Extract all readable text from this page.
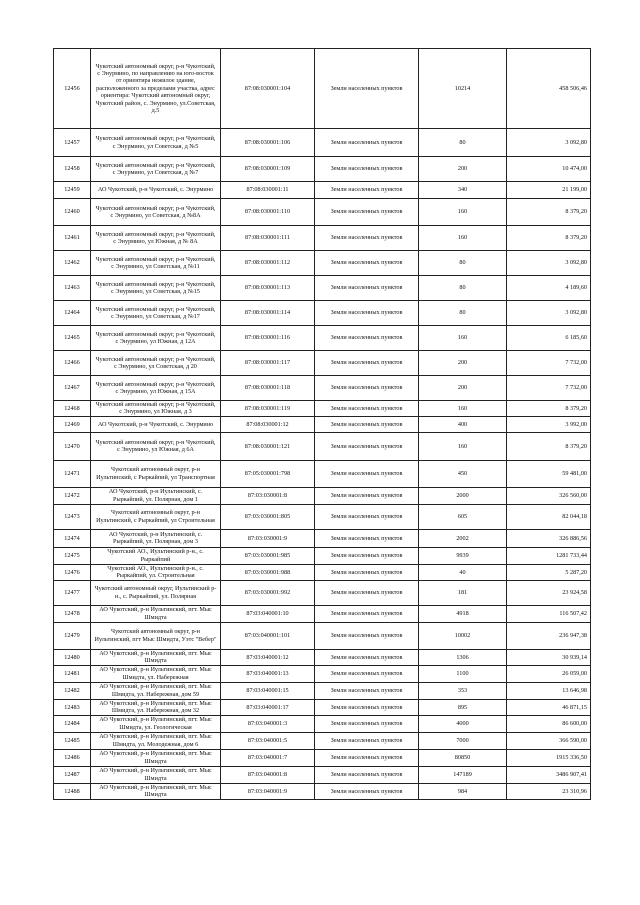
12456	Чукотский автономный округ, р-н Чукотский, с Энурмино, по направлению на юго-восток от ориентира нежилое здание, расположенного за пределами участка, адрес ориентира: Чукотский автономный округ, Чукотский район, с. Энурмино, ул.Советская, д.5	87:08:030001:104	Земли населенных пунктов	10214	458 506,46
12457	Чукотский автономный округ, р-н Чукотский, с Энурмино, ул Советская, д №5	87:08:030001:106	Земли населенных пунктов	80	3 092,80
12458	Чукотский автономный округ, р-н Чукотский, с Энурмино, ул Советская, д №7	87:08:030001:109	Земли населенных пунктов	200	10 474,00
12459	АО Чукотский, р-н Чукотский, с. Энурмино	87:08:030001:11	Земли населенных пунктов	340	21 199,00
12460	Чукотский автономный округ, р-н Чукотский, с Энурмино, ул Советская, д №8А	87:08:030001:110	Земли населенных пунктов	160	8 379,20
12461	Чукотский автономный округ, р-н Чукотский, с Энурмино, ул Южная, д № 8А	87:08:030001:111	Земли населенных пунктов	160	8 379,20
12462	Чукотский автономный округ, р-н Чукотский, с Энурмино, ул Советская, д №11	87:08:030001:112	Земли населенных пунктов	80	3 092,80
12463	Чукотский автономный округ, р-н Чукотский, с Энурмино, ул Советская, д №15	87:08:030001:113	Земли населенных пунктов	80	4 189,60
12464	Чукотский автономный округ, р-н Чукотский, с Энурмино, ул Советская, д №17	87:08:030001:114	Земли населенных пунктов	80	3 092,80
12465	Чукотский автономный округ, р-н Чукотский, с Энурмино, ул Южная, д 12А	87:08:030001:116	Земли населенных пунктов	160	6 185,60
12466	Чукотский автономный округ, р-н Чукотский, с Энурмино, ул Советская, д 20	87:08:030001:117	Земли населенных пунктов	200	7 732,00
12467	Чукотский автономный округ, р-н Чукотский, с Энурмино, ул Южная, д 15А	87:08:030001:118	Земли населенных пунктов	200	7 732,00
12468	Чукотский автономный округ, р-н Чукотский, с Энурмино, ул Южная, д 3	87:08:030001:119	Земли населенных пунктов	160	8 379,20
12469	АО Чукотский, р-н Чукотский, с. Энурмино	87:08:030001:12	Земли населенных пунктов	400	3 992,00
12470	Чукотский автономный округ, р-н Чукотский, с Энурмино, ул Южная, д 6А	87:08:030001:121	Земли населенных пунктов	160	8 379,20
12471	Чукотский автономный округ, р-н Иультинский, с Рыркайпий, ул Транспортная	87:05:030001:798	Земли населенных пунктов	450	59 481,00
12472	АО Чукотский, р-н Иультинский, с. Рыркайпий, ул. Полярная, дом 1	87:03:030001:8	Земли населенных пунктов	2000	326 560,00
12473	Чукотский автономный округ, р-н Иультинский, с Рыркайпий, ул Строительная	87:03:030001:805	Земли населенных пунктов	605	82 044,18
12474	АО Чукотский, р-н Иультинский, с. Рыркайпий, ул. Полярная, дом 3	87:03:030001:9	Земли населенных пунктов	2002	326 886,56
12475	Чукотский АО., Иультинский р-н., с. Рыркайпий	87:03:030001:985	Земли населенных пунктов	9939	1281 733,44
12476	Чукотский АО., Иультинский р-н., с. Рыркайпий, ул. Строительная	87:03:030001:988	Земли населенных пунктов	40	5 287,20
12477	Чукотский автономный округ, Иультинский р-н., с. Рыркайпий, ул. Полярная	87:03:030001:992	Земли населенных пунктов	181	23 924,58
12478	АО Чукотский, р-н Иультинский, пгт. Мыс Шмидта	87:03:040001:10	Земли населенных пунктов	4918	116 507,42
12479	Чукотский автономный округ, р-н Иультинский, пгт Мыс Шмидта, Уэтс "Вебер"	87:03:040001:101	Земли населенных пунктов	10002	236 947,38
12480	АО Чукотский, р-н Иультинский, пгт. Мыс Шмидта	87:03:040001:12	Земли населенных пунктов	1306	30 939,14
12481	АО Чукотский, р-н Иультинский, пгт. Мыс Шмидта, ул. Набережная	87:03:040001:13	Земли населенных пунктов	1100	26 059,00
12482	АО Чукотский, р-н Иультинский, пгт. Мыс Шмидта, ул. Набережная, дом 59	87:03:040001:15	Земли населенных пунктов	353	13 646,98
12483	АО Чукотский, р-н Иультинский, пгт. Мыс Шмидта, ул. Набережная, дом 32	87:03:040001:17	Земли населенных пунктов	895	46 871,15
12484	АО Чукотский, р-н Иультинский, пгт. Мыс Шмидта, ул. Геологическая	87:03:040001:3	Земли населенных пунктов	4000	86 600,00
12485	АО Чукотский, р-н Иультинский, пгт. Мыс Шмидта, ул. Молодежная, дом 6	87:03:040001:5	Земли населенных пунктов	7000	366 590,00
12486	АО Чукотский, р-н Иультинский, пгт. Мыс Шмидта	87:03:040001:7	Земли населенных пунктов	80850	1915 336,50
12487	АО Чукотский, р-н Иультинский, пгт. Мыс Шмидта	87:03:040001:8	Земли населенных пунктов	147189	3486 907,41
12488	АО Чукотский, р-н Иультинский, пгт. Мыс Шмидта	87:03:040001:9	Земли населенных пунктов	984	23 310,96
